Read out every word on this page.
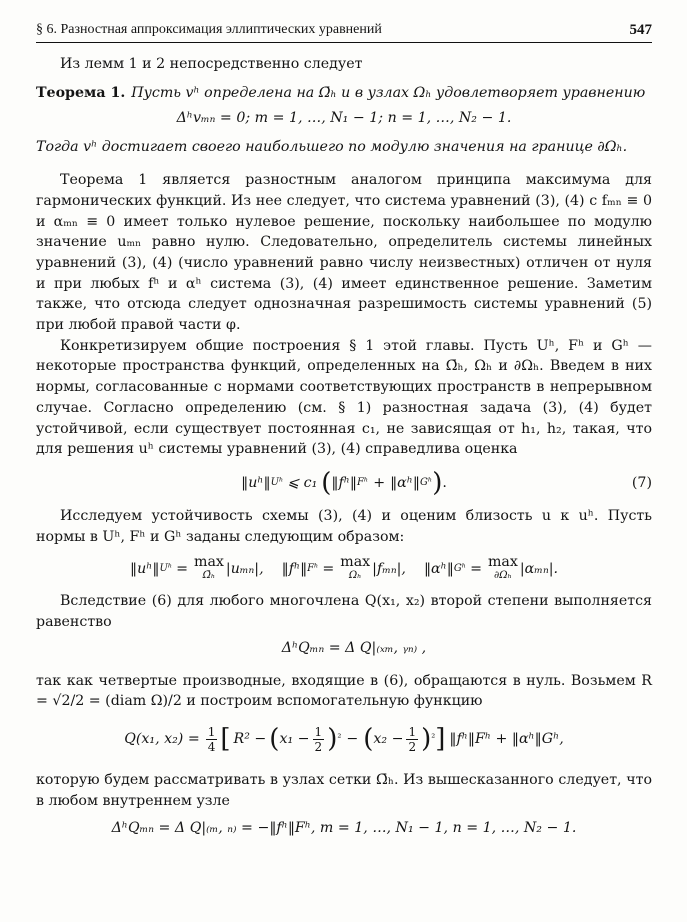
§ 6. Разностная аппроксимация эллиптических уравнений	547

Из лемм 1 и 2 непосредственно следует

Теорема 1. Пусть vʰ определена на Ω̄ₕ и в узлах Ωₕ удовлетворяет уравнению

Δʰvₘₙ = 0; m = 1, …, N₁ − 1; n = 1, …, N₂ − 1.

Тогда vʰ достигает своего наибольшего по модулю значения на границе ∂Ωₕ.

Теорема 1 является разностным аналогом принципа максимума для гармонических функций. Из нее следует, что система уравнений (3), (4) с fₘₙ ≡ 0 и αₘₙ ≡ 0 имеет только нулевое решение, поскольку наибольшее по модулю значение uₘₙ равно нулю. Следовательно, определитель системы линейных уравнений (3), (4) (число уравнений равно числу неизвестных) отличен от нуля и при любых fʰ и αʰ система (3), (4) имеет единственное решение. Заметим также, что отсюда следует однозначная разрешимость системы уравнений (5) при любой правой части φ.

Конкретизируем общие построения § 1 этой главы. Пусть Uʰ, Fʰ и Gʰ — некоторые пространства функций, определенных на Ω̄ₕ, Ωₕ и ∂Ωₕ. Введем в них нормы, согласованные с нормами соответствующих пространств в непрерывном случае. Согласно определению (см. § 1) разностная задача (3), (4) будет устойчивой, если существует постоянная c₁, не зависящая от h₁, h₂, такая, что для решения uʰ системы уравнений (3), (4) справедлива оценка

‖uʰ‖ Uʰ ⩽ c₁ ( ‖fʰ‖ Fʰ + ‖αʰ‖ Gʰ ) .	(7)

Исследуем устойчивость схемы (3), (4) и оценим близость u к uʰ. Пусть нормы в Uʰ, Fʰ и Gʰ заданы следующим образом:

‖uʰ‖ Uʰ = max
Ω̄ₕ |uₘₙ|, ‖fʰ‖ Fʰ = max
Ωₕ |fₘₙ|, ‖αʰ‖ Gʰ = max
∂Ωₕ |αₘₙ|.

Вследствие (6) для любого многочлена Q(x₁, x₂) второй степени выполняется равенство

ΔʰQₘₙ = Δ Q|₍ₓₘ, ᵧₙ₎ ,

так как четвертые производные, входящие в (6), обращаются в нуль. Возьмем R = √2/2 = (diam Ω)/2 и построим вспомогательную функцию

Q(x₁, $x_2) = \frac{1}{4}$ [ R² − ( $x_1 - \frac{1}{2}$ ) ² − ( $x_2 - \frac{1}{2}$ ) ² ] ‖fʰ‖Fʰ + ‖αʰ‖Gʰ,

которую будем рассматривать в узлах сетки Ω̄ₕ. Из вышесказанного следует, что в любом внутреннем узле

ΔʰQₘₙ = Δ Q|₍ₘ, ₙ₎ = −‖fʰ‖Fʰ, m = 1, …, N₁ − 1, n = 1, …, N₂ − 1.
